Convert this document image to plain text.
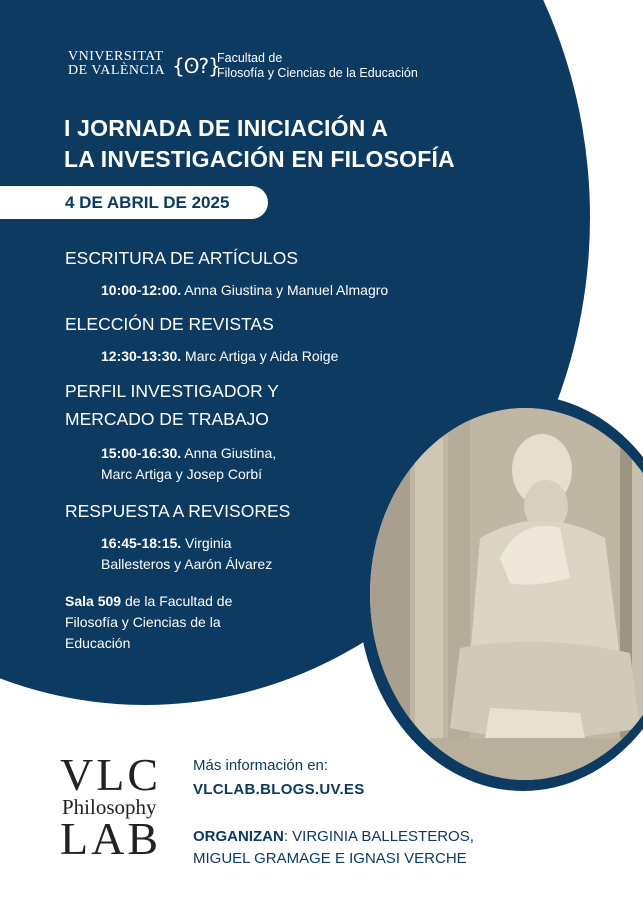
VNIVERSITAT
DE VALÈNCIA {ʘ?}
Facultad de
Filosofía y Ciencias de la Educación
I JORNADA DE INICIACIÓN A
LA INVESTIGACIÓN EN FILOSOFÍA
4 DE ABRIL DE 2025
ESCRITURA DE ARTÍCULOS
10:00-12:00. Anna Giustina y Manuel Almagro
ELECCIÓN DE REVISTAS
12:30-13:30. Marc Artiga y Aida Roige
PERFIL INVESTIGADOR Y
MERCADO DE TRABAJO
15:00-16:30. Anna Giustina,
Marc Artiga y Josep Corbí
RESPUESTA A REVISORES
16:45-18:15. Virginia
Ballesteros y Aarón Álvarez
Sala 509 de la Facultad de
Filosofía y Ciencias de la
Educación
VLC
Philosophy
LAB
Más información en:
VLCLAB.BLOGS.UV.ES
ORGANIZAN: VIRGINIA BALLESTEROS,
MIGUEL GRAMAGE E IGNASI VERCHE
